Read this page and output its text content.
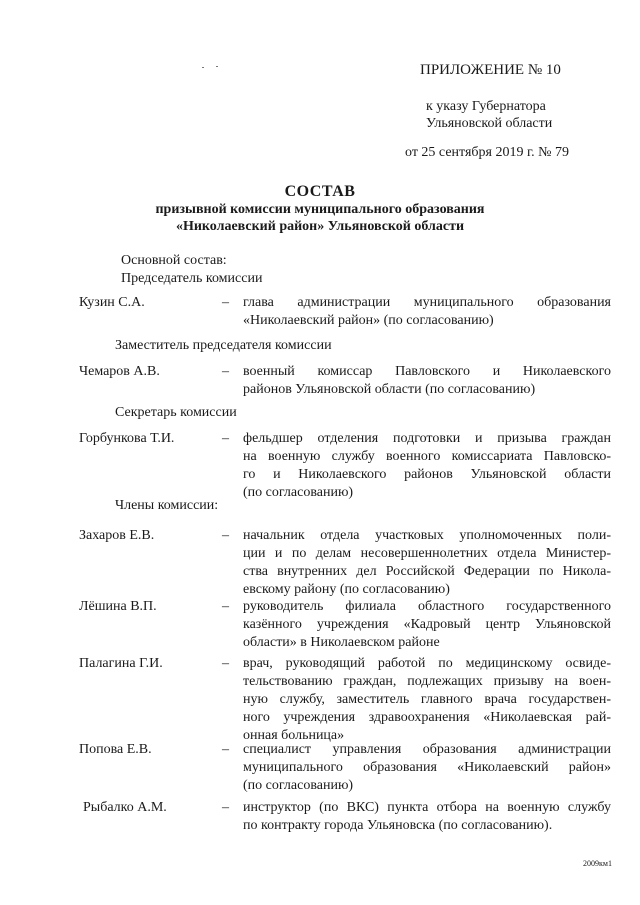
ПРИЛОЖЕНИЕ № 10
к указу Губернатора
Ульяновской области
от 25 сентября 2019 г. № 79
СОСТАВ
призывной комиссии муниципального образования
«Николаевский район» Ульяновской области
Основной состав:
Председатель комиссии
Кузин С.А.	– глава администрации муниципального образования
«Николаевский район» (по согласованию)
Заместитель председателя комиссии
Чемаров А.В.	– военный комиссар Павловского и Николаевского
районов Ульяновской области (по согласованию)
Секретарь комиссии
Горбункова Т.И.	– фельдшер отделения подготовки и призыва граждан
на военную службу военного комиссариата Павловско-
го и Николаевского районов Ульяновской области
(по согласованию)
Члены комиссии:
Захаров Е.В.	– начальник отдела участковых уполномоченных поли-
ции и по делам несовершеннолетних отдела Министер-
ства внутренних дел Российской Федерации по Никола-
евскому району (по согласованию)
Лёшина В.П.	– руководитель филиала областного государственного
казённого учреждения «Кадровый центр Ульяновской
области» в Николаевском районе
Палагина Г.И.	– врач, руководящий работой по медицинскому освиде-
тельствованию граждан, подлежащих призыву на воен-
ную службу, заместитель главного врача государствен-
ного учреждения здравоохранения «Николаевская рай-
онная больница»
Попова Е.В.	– специалист управления образования администрации
муниципального образования «Николаевский район»
(по согласованию)
Рыбалко А.М.	– инструктор (по ВКС) пункта отбора на военную службу
по контракту города Ульяновска (по согласованию).
2009км1
